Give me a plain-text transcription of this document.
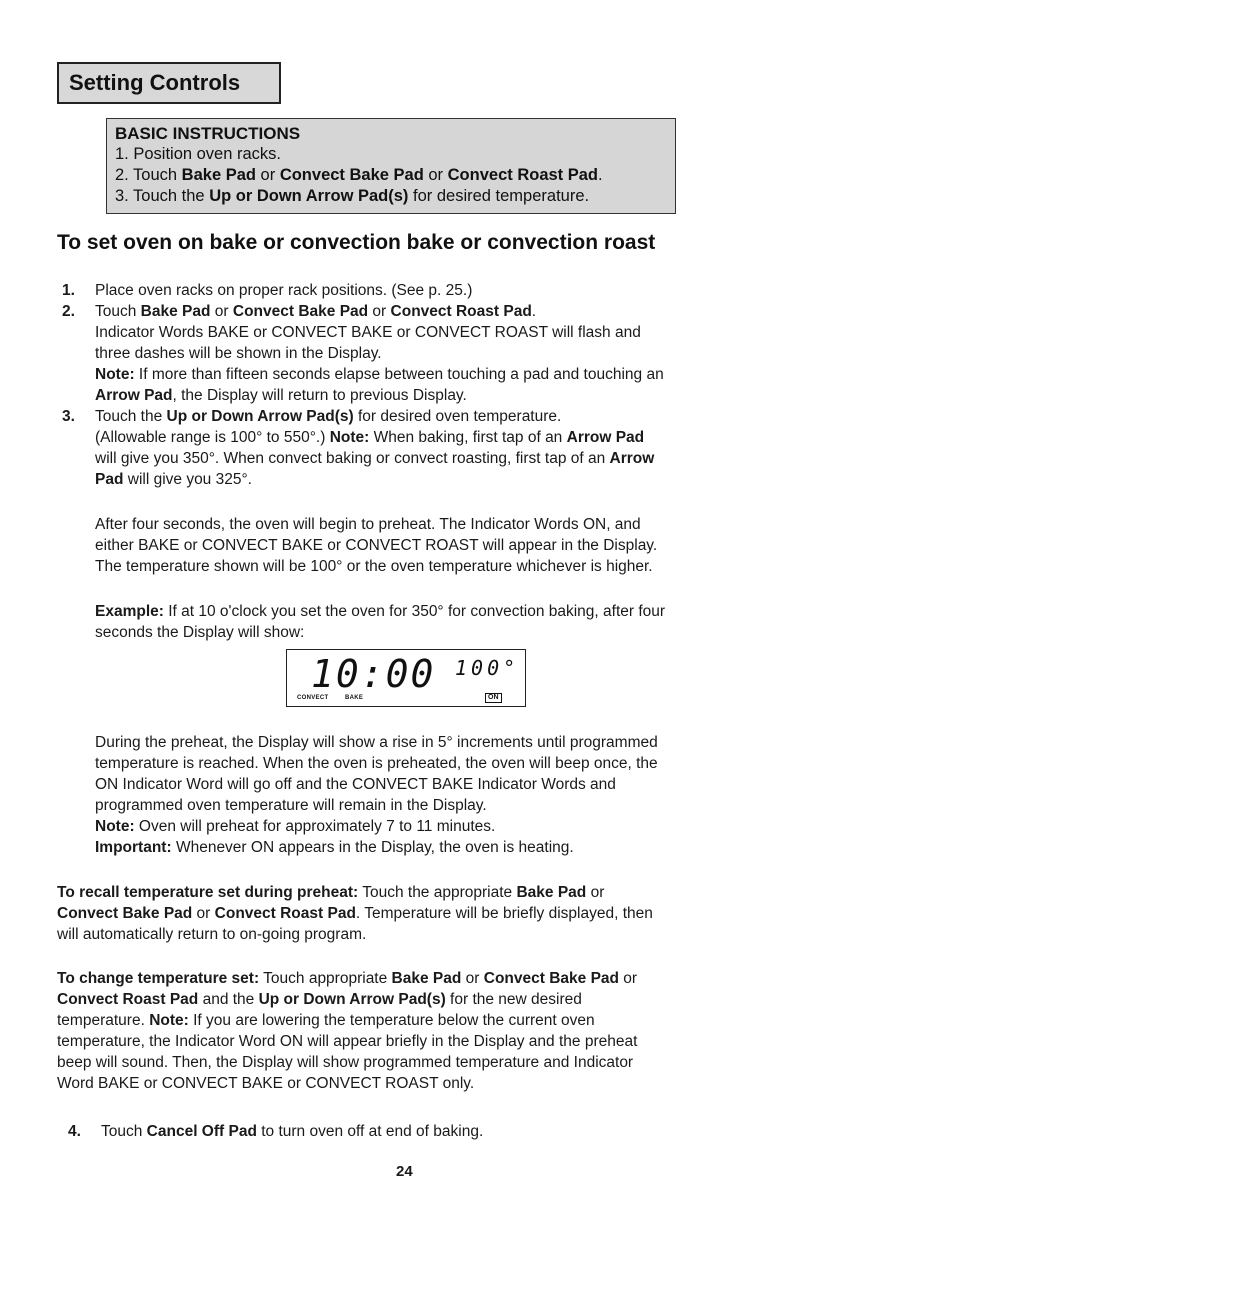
Setting Controls
BASIC INSTRUCTIONS
1. Position oven racks.
2. Touch Bake Pad or Convect Bake Pad or Convect Roast Pad.
3. Touch the Up or Down Arrow Pad(s) for desired temperature.
To set oven on bake or convection bake or convection roast
1. Place oven racks on proper rack positions. (See p. 25.)
2. Touch Bake Pad or Convect Bake Pad or Convect Roast Pad.
Indicator Words BAKE or CONVECT BAKE or CONVECT ROAST will flash and
three dashes will be shown in the Display.
Note: If more than fifteen seconds elapse between touching a pad and touching an
Arrow Pad, the Display will return to previous Display.
3. Touch the Up or Down Arrow Pad(s) for desired oven temperature.
(Allowable range is 100° to 550°.) Note: When baking, first tap of an Arrow Pad
will give you 350°. When convect baking or convect roasting, first tap of an Arrow
Pad will give you 325°.
After four seconds, the oven will begin to preheat. The Indicator Words ON, and
either BAKE or CONVECT BAKE or CONVECT ROAST will appear in the Display.
The temperature shown will be 100° or the oven temperature whichever is higher.
Example: If at 10 o'clock you set the oven for 350° for convection baking, after four
seconds the Display will show:
10:00 100°
CONVECT	BAKE	ON
During the preheat, the Display will show a rise in 5° increments until programmed
temperature is reached. When the oven is preheated, the oven will beep once, the
ON Indicator Word will go off and the CONVECT BAKE Indicator Words and
programmed oven temperature will remain in the Display.
Note: Oven will preheat for approximately 7 to 11 minutes.
Important: Whenever ON appears in the Display, the oven is heating.
To recall temperature set during preheat: Touch the appropriate Bake Pad or
Convect Bake Pad or Convect Roast Pad. Temperature will be briefly displayed, then
will automatically return to on-going program.
To change temperature set: Touch appropriate Bake Pad or Convect Bake Pad or
Convect Roast Pad and the Up or Down Arrow Pad(s) for the new desired
temperature. Note: If you are lowering the temperature below the current oven
temperature, the Indicator Word ON will appear briefly in the Display and the preheat
beep will sound. Then, the Display will show programmed temperature and Indicator
Word BAKE or CONVECT BAKE or CONVECT ROAST only.
4. Touch Cancel Off Pad to turn oven off at end of baking.
24
